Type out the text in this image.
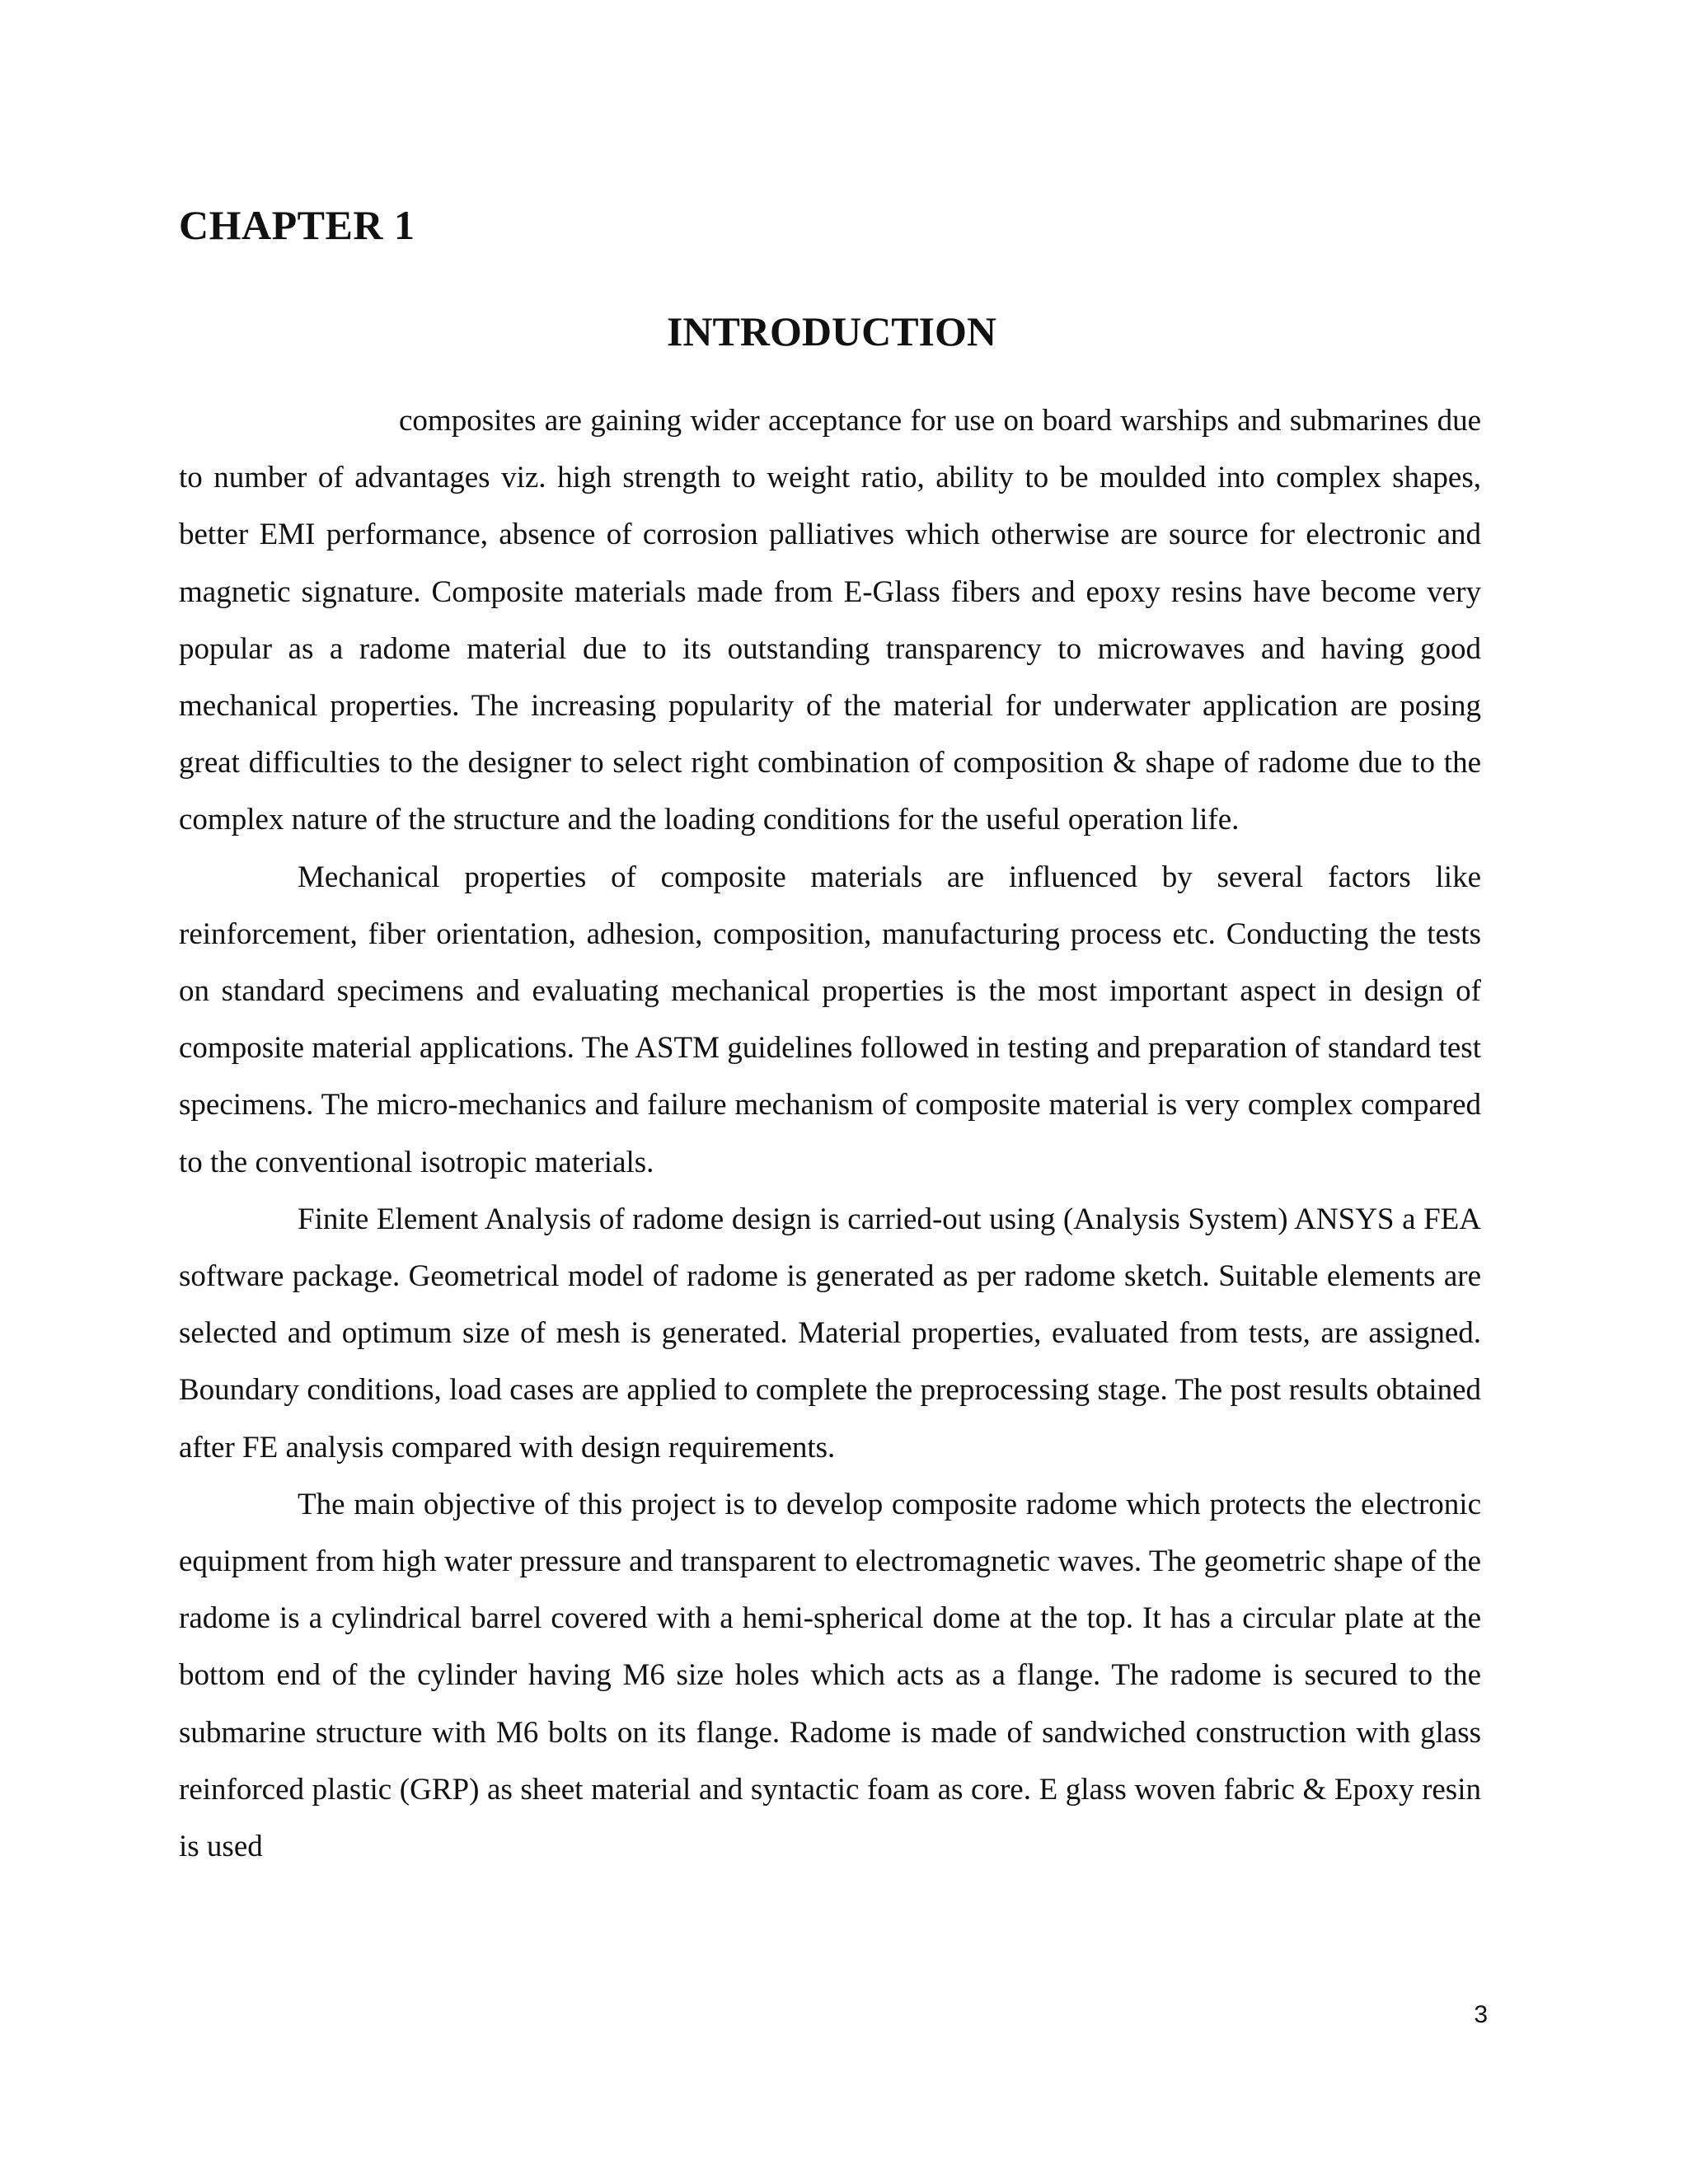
CHAPTER 1
INTRODUCTION

composites are gaining wider acceptance for use on board warships and submarines due to number of advantages viz. high strength to weight ratio, ability to be moulded into complex shapes, better EMI performance, absence of corrosion palliatives which otherwise are source for electronic and magnetic signature. Composite materials made from E-Glass fibers and epoxy resins have become very popular as a radome material due to its outstanding transparency to microwaves and having good mechanical properties. The increasing popularity of the material for underwater application are posing great difficulties to the designer to select right combination of composition & shape of radome due to the complex nature of the structure and the loading conditions for the useful operation life.

Mechanical properties of composite materials are influenced by several factors like reinforcement, fiber orientation, adhesion, composition, manufacturing process etc. Conducting the tests on standard specimens and evaluating mechanical properties is the most important aspect in design of composite material applications. The ASTM guidelines followed in testing and preparation of standard test specimens. The micro-mechanics and failure mechanism of composite material is very complex compared to the conventional isotropic materials.

Finite Element Analysis of radome design is carried-out using (Analysis System) ANSYS a FEA software package. Geometrical model of radome is generated as per radome sketch. Suitable elements are selected and optimum size of mesh is generated. Material properties, evaluated from tests, are assigned. Boundary conditions, load cases are applied to complete the preprocessing stage. The post results obtained after FE analysis compared with design requirements.

The main objective of this project is to develop composite radome which protects the electronic equipment from high water pressure and transparent to electromagnetic waves. The geometric shape of the radome is a cylindrical barrel covered with a hemi-spherical dome at the top. It has a circular plate at the bottom end of the cylinder having M6 size holes which acts as a flange. The radome is secured to the submarine structure with M6 bolts on its flange. Radome is made of sandwiched construction with glass reinforced plastic (GRP) as sheet material and syntactic foam as core. E glass woven fabric & Epoxy resin is used

3
